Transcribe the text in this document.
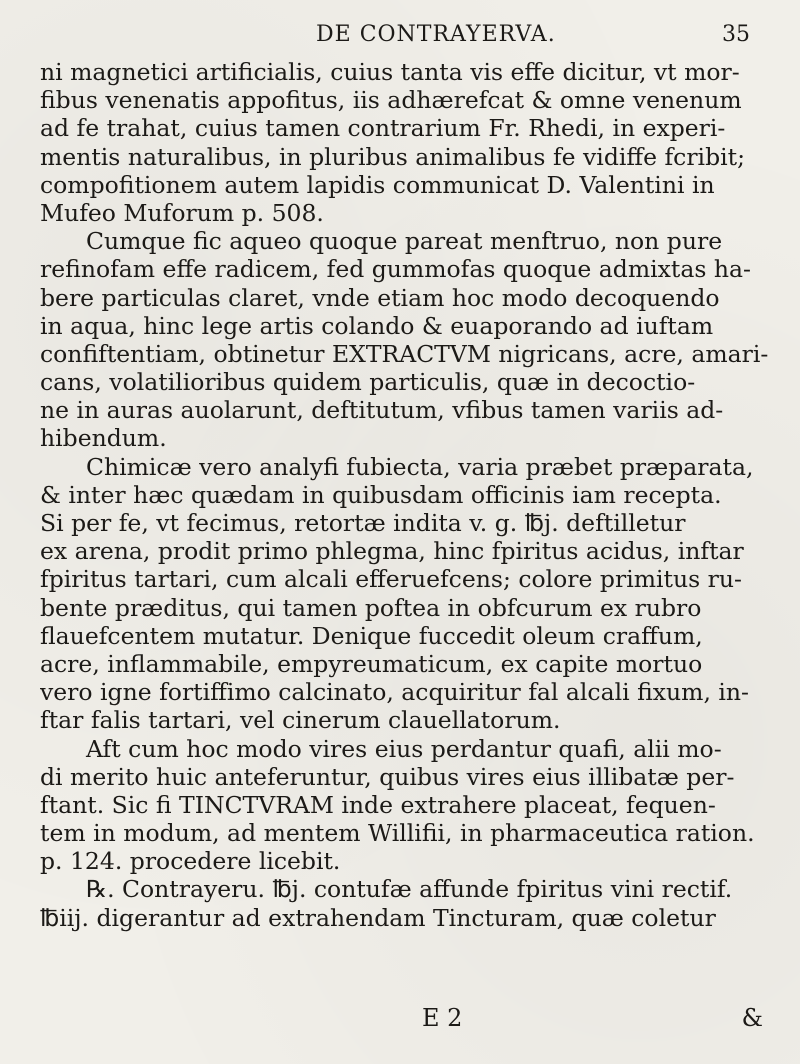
DE CONTRAYERVA.	35
ni magnetici artificialis, cuius tanta vis effe dicitur, vt mor-
fibus venenatis appofitus, iis adhærefcat & omne venenum
ad fe trahat, cuius tamen contrarium Fr. Rhedi, in experi-
mentis naturalibus, in pluribus animalibus fe vidiffe fcribit;
compofitionem autem lapidis communicat D. Valentini in
Mufeo Muforum p. 508.
Cumque fic aqueo quoque pareat menftruo, non pure
refinofam effe radicem, fed gummofas quoque admixtas ha-
bere particulas claret, vnde etiam hoc modo decoquendo
in aqua, hinc lege artis colando & euaporando ad iuftam
confiftentiam, obtinetur EXTRACTVM nigricans, acre, amari-
cans, volatilioribus quidem particulis, quæ in decoctio-
ne in auras auolarunt, deftitutum, vfibus tamen variis ad-
hibendum.
Chimicæ vero analyfi fubiecta, varia præbet præparata,
& inter hæc quædam in quibusdam officinis iam recepta.
Si per fe, vt fecimus, retortæ indita v. g. ℔j. deftilletur
ex arena, prodit primo phlegma, hinc fpiritus acidus, inftar
fpiritus tartari, cum alcali efferuefcens; colore primitus ru-
bente præditus, qui tamen poftea in obfcurum ex rubro
flauefcentem mutatur. Denique fuccedit oleum craffum,
acre, inflammabile, empyreumaticum, ex capite mortuo
vero igne fortiffimo calcinato, acquiritur fal alcali fixum, in-
ftar falis tartari, vel cinerum clauellatorum.
Aft cum hoc modo vires eius perdantur quafi, alii mo-
di merito huic anteferuntur, quibus vires eius illibatæ per-
ftant. Sic fi TINCTVRAM inde extrahere placeat, fequen-
tem in modum, ad mentem Willifii, in pharmaceutica ration.
p. 124. procedere licebit.
℞. Contrayeru. ℔j. contufæ affunde fpiritus vini rectif.
℔iij. digerantur ad extrahendam Tincturam, quæ coletur
E 2	&
